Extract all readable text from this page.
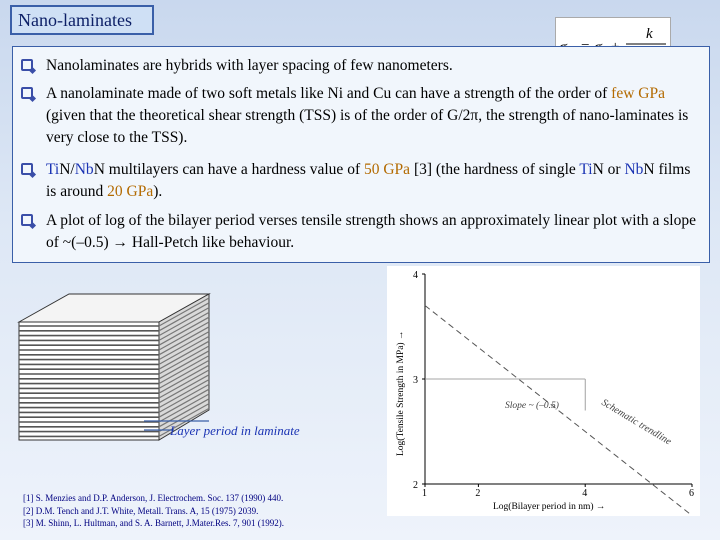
Nano-laminates
k
Nanolaminates are hybrids with layer spacing of few nanometers.
A nanolaminate made of two soft metals like Ni and Cu can have a strength of the order of few GPa (given that the theoretical shear strength (TSS) is of the order of G/2π, the strength of nano-laminates is very close to the TSS).
TiN/NbN multilayers can have a hardness value of 50 GPa [3] (the hardness of single TiN or NbN films is around 20 GPa).
A plot of log of the bilayer period verses tensile strength shows an approximately linear plot with a slope of ~(–0.5) → Hall-Petch like behaviour.
Layer period in laminate
2
3
4
1	2	4	6
Slope ~ (–0.5)	Schematic trendline
Log(Tensile Strength in MPa) →
Log(Bilayer period in nm) →
[1] S. Menzies and D.P. Anderson, J. Electrochem. Soc. 137 (1990) 440.
[2] D.M. Tench and J.T. White, Metall. Trans. A, 15 (1975) 2039.
[3] M. Shinn, L. Hultman, and S. A. Barnett, J.Mater.Res. 7, 901 (1992).
